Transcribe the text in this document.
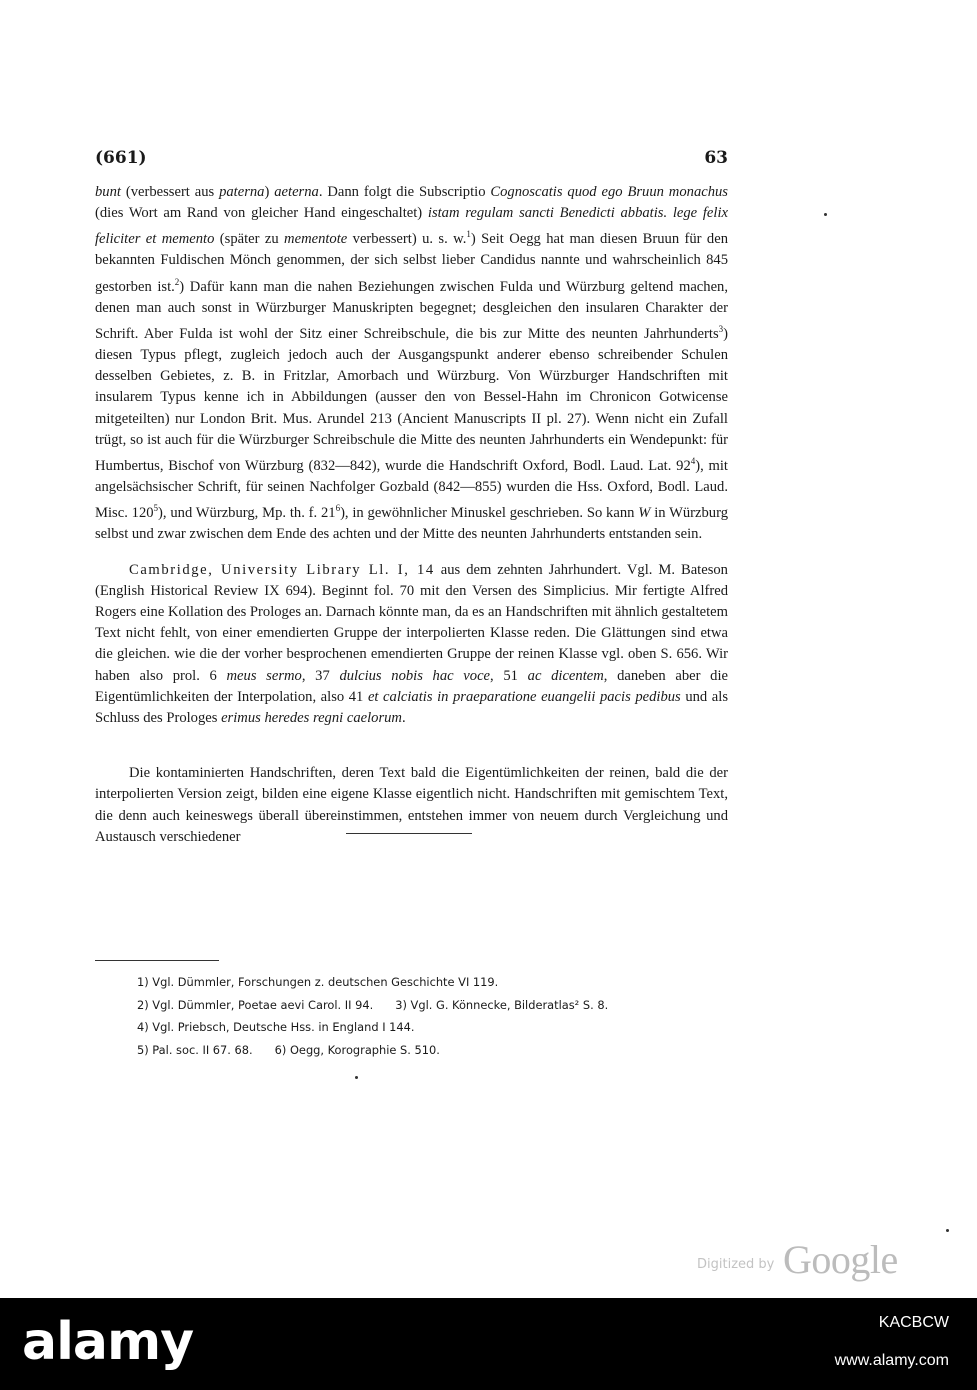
(661)	63

bunt (verbessert aus paterna) aeterna. Dann folgt die Subscriptio Cognoscatis quod ego Bruun monachus (dies Wort am Rand von gleicher Hand eingeschaltet) istam regulam sancti Benedicti abbatis. lege felix feliciter et memento (später zu mementote verbessert) u. s. w.$^1$) Seit Oegg hat man diesen Bruun für den bekannten Fuldischen Mönch genommen, der sich selbst lieber Candidus nannte und wahrscheinlich 845 gestorben ist.$^2$) Dafür kann man die nahen Beziehungen zwischen Fulda und Würzburg geltend machen, denen man auch sonst in Würzburger Manuskripten begegnet; desgleichen den insularen Charakter der Schrift. Aber Fulda ist wohl der Sitz einer Schreibschule, die bis zur Mitte des neunten Jahrhunderts$^3$) diesen Typus pflegt, zugleich jedoch auch der Ausgangspunkt anderer ebenso schreibender Schulen desselben Gebietes, z. B. in Fritzlar, Amorbach und Würzburg. Von Würzburger Handschriften mit insularem Typus kenne ich in Abbildungen (ausser den von Bessel-Hahn im Chronicon Gotwicense mitgeteilten) nur London Brit. Mus. Arundel 213 (Ancient Manuscripts II pl. 27). Wenn nicht ein Zufall trügt, so ist auch für die Würzburger Schreibschule die Mitte des neunten Jahrhunderts ein Wendepunkt: für Humbertus, Bischof von Würzburg (832—842), wurde die Handschrift Oxford, Bodl. Laud. Lat. $92^4$), mit angelsächsischer Schrift, für seinen Nachfolger Gozbald (842—855) wurden die Hss. Oxford, Bodl. Laud. Misc. $120^5$), und Würzburg, Mp. th. f. $21^6$), in gewöhnlicher Minuskel geschrieben. So kann W in Würzburg selbst und zwar zwischen dem Ende des achten und der Mitte des neunten Jahrhunderts entstanden sein.

Cambridge, University Library Ll. I, 14 aus dem zehnten Jahrhundert. Vgl. M. Bateson (English Historical Review IX 694). Beginnt fol. 70 mit den Versen des Simplicius. Mir fertigte Alfred Rogers eine Kollation des Prologes an. Darnach könnte man, da es an Handschriften mit ähnlich gestaltetem Text nicht fehlt, von einer emendierten Gruppe der interpolierten Klasse reden. Die Glättungen sind etwa die gleichen. wie die der vorher besprochenen emendierten Gruppe der reinen Klasse vgl. oben S. 656. Wir haben also prol. 6 meus sermo, 37 dulcius nobis hac voce, 51 ac dicentem, daneben aber die Eigentümlichkeiten der Interpolation, also 41 et calciatis in praeparatione euangelii pacis pedibus und als Schluss des Prologes erimus heredes regni caelorum.

Die kontaminierten Handschriften, deren Text bald die Eigentümlichkeiten der reinen, bald die der interpolierten Version zeigt, bilden eine eigene Klasse eigentlich nicht. Handschriften mit gemischtem Text, die denn auch keineswegs überall übereinstimmen, entstehen immer von neuem durch Vergleichung und Austausch verschiedener

1) Vgl. Dümmler, Forschungen z. deutschen Geschichte VI 119.
2) Vgl. Dümmler, Poetae aevi Carol. II 94. 3) Vgl. G. Könnecke, Bilderatlas² S. 8.
4) Vgl. Priebsch, Deutsche Hss. in England I 144.
5) Pal. soc. II 67. 68. 6) Oegg, Korographie S. 510.
Digitized by Google
alamy	KACBCW
www.alamy.com
